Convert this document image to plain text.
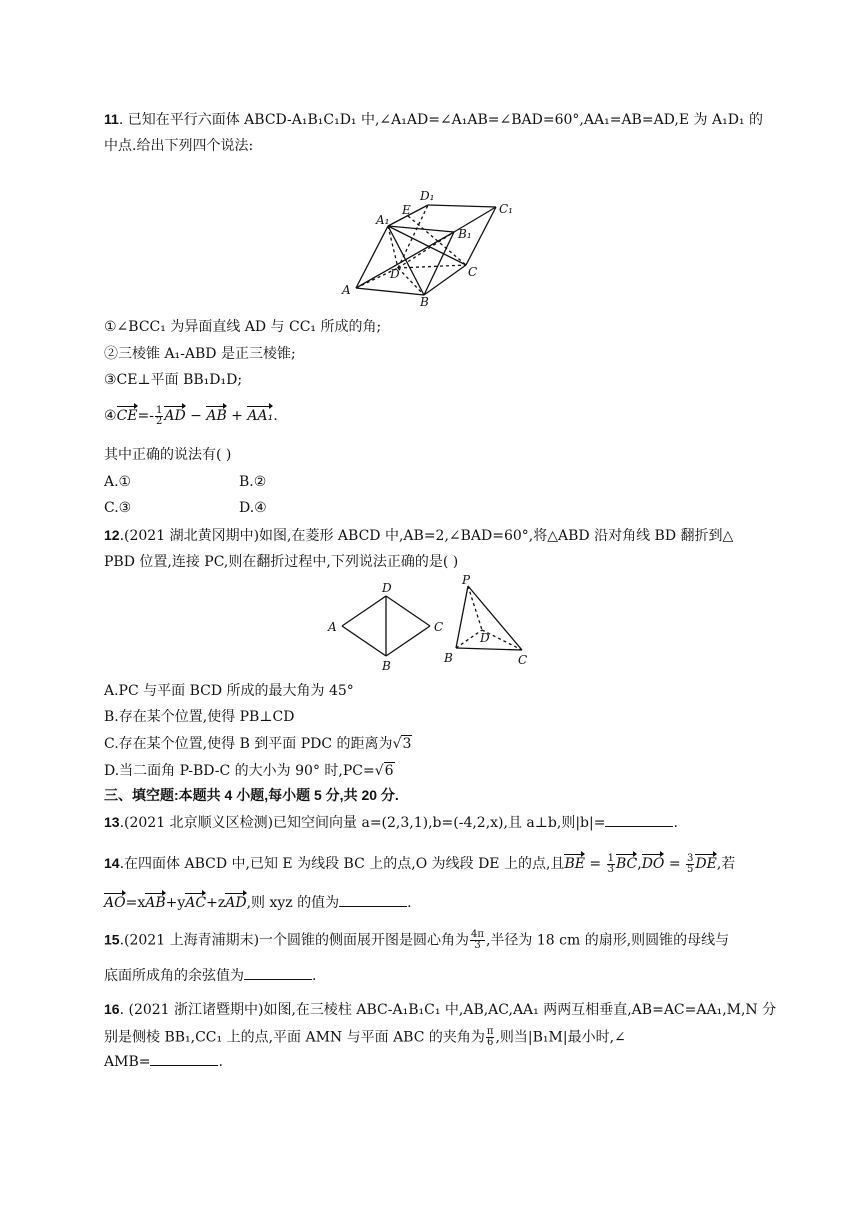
11. 已知在平行六面体 ABCD-A₁B₁C₁D₁ 中,∠A₁AD=∠A₁AB=∠BAD=60°,AA₁=AB=AD,E 为 A₁D₁ 的
中点.给出下列四个说法:
A
B
C
D
A₁
B₁
C₁
D₁
E
①∠BCC₁ 为异面直线 AD 与 CC₁ 所成的角;
②三棱锥 A₁-ABD 是正三棱锥;
③CE⊥平面 BB₁D₁D;
④CE=- $\frac{1}{2}$ AD − AB + AA₁.
其中正确的说法有( )
A.①	B.②
C.③	D.④
12.(2021 湖北黄冈期中)如图,在菱形 ABCD 中,AB=2,∠BAD=60°,将△ABD 沿对角线 BD 翻折到△
PBD 位置,连接 PC,则在翻折过程中,下列说法正确的是( )
A
D
C
B
P
B	C
D
A.PC 与平面 BCD 所成的最大角为 45°
B.存在某个位置,使得 PB⊥CD
C.存在某个位置,使得 B 到平面 PDC 的距离为√3
D.当二面角 P-BD-C 的大小为 90° 时,PC=√6
三、填空题:本题共 4 小题,每小题 5 分,共 20 分.
13.(2021 北京顺义区检测)已知空间向量 a=(2,3,1),b=(-4,2,x),且 a⊥b,则|b|=	.
14.在四面体 ABCD 中,已知 E 为线段 BC 上的点,O 为线段 DE 上的点,且BE = $\frac{1}{3} BC,DO = \frac{3}{5}$ DE,若
AO=xAB+yAC+zAD,则 xyz 的值为	.
15.(2021 上海青浦期末)一个圆锥的侧面展开图是圆心角为 $\frac{4\pi}{3}$ ,半径为 18 cm 的扇形,则圆锥的母线与
底面所成角的余弦值为	.
16. (2021 浙江诸暨期中)如图,在三棱柱 ABC-A₁B₁C₁ 中,AB,AC,AA₁ 两两互相垂直,AB=AC=AA₁,M,N 分
别是侧棱 BB₁,CC₁ 上的点,平面 AMN 与平面 ABC 的夹角为 $\frac{\pi}{6}$ ,则当|B₁M|最小时,∠
AMB=	.
